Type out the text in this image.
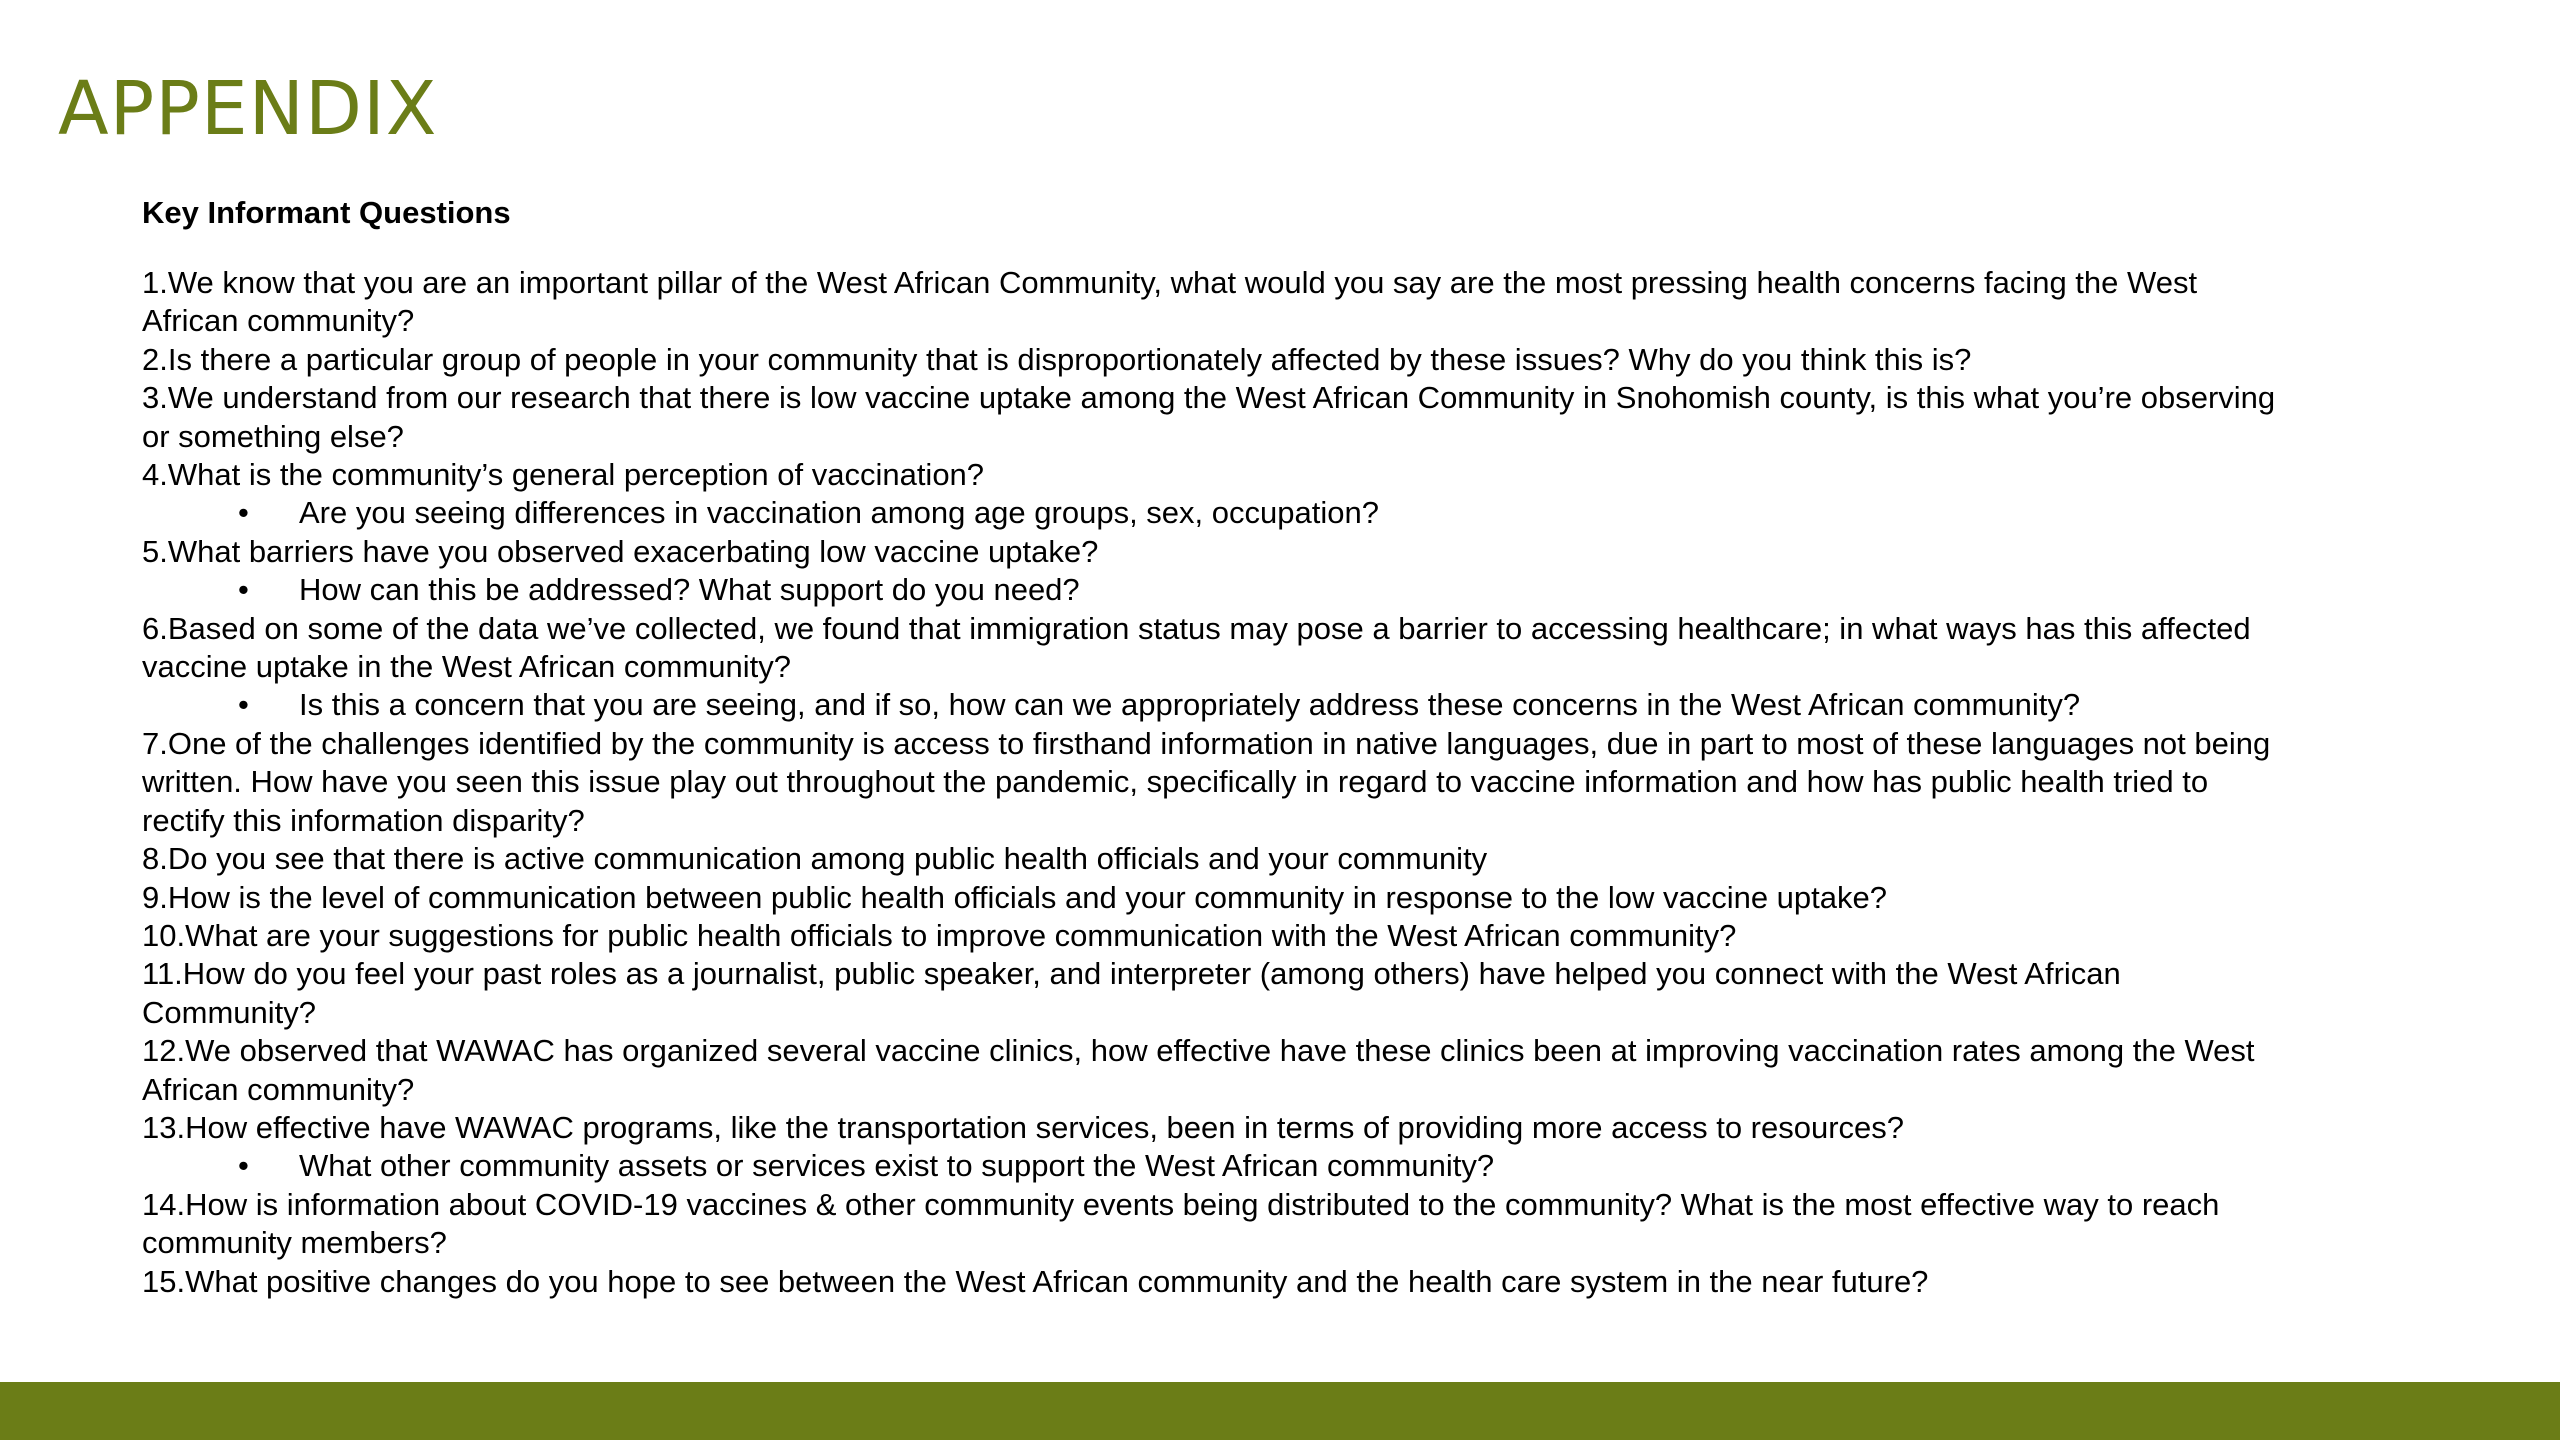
APPENDIX

Key Informant Questions

1.We know that you are an important pillar of the West African Community, what would you say are the most pressing health concerns facing the West African community?
2.Is there a particular group of people in your community that is disproportionately affected by these issues? Why do you think this is?
3.We understand from our research that there is low vaccine uptake among the West African Community in Snohomish county, is this what you’re observing or something else?
4.What is the community’s general perception of vaccination?
• Are you seeing differences in vaccination among age groups, sex, occupation?
5.What barriers have you observed exacerbating low vaccine uptake?
• How can this be addressed? What support do you need?
6.Based on some of the data we’ve collected, we found that immigration status may pose a barrier to accessing healthcare; in what ways has this affected vaccine uptake in the West African community?
• Is this a concern that you are seeing, and if so, how can we appropriately address these concerns in the West African community?
7.One of the challenges identified by the community is access to firsthand information in native languages, due in part to most of these languages not being written. How have you seen this issue play out throughout the pandemic, specifically in regard to vaccine information and how has public health tried to rectify this information disparity?
8.Do you see that there is active communication among public health officials and your community
9.How is the level of communication between public health officials and your community in response to the low vaccine uptake?
10.What are your suggestions for public health officials to improve communication with the West African community?
11.How do you feel your past roles as a journalist, public speaker, and interpreter (among others) have helped you connect with the West African Community?
12.We observed that WAWAC has organized several vaccine clinics, how effective have these clinics been at improving vaccination rates among the West African community?
13.How effective have WAWAC programs, like the transportation services, been in terms of providing more access to resources?
• What other community assets or services exist to support the West African community?
14.How is information about COVID-19 vaccines & other community events being distributed to the community? What is the most effective way to reach community members?
15.What positive changes do you hope to see between the West African community and the health care system in the near future?
